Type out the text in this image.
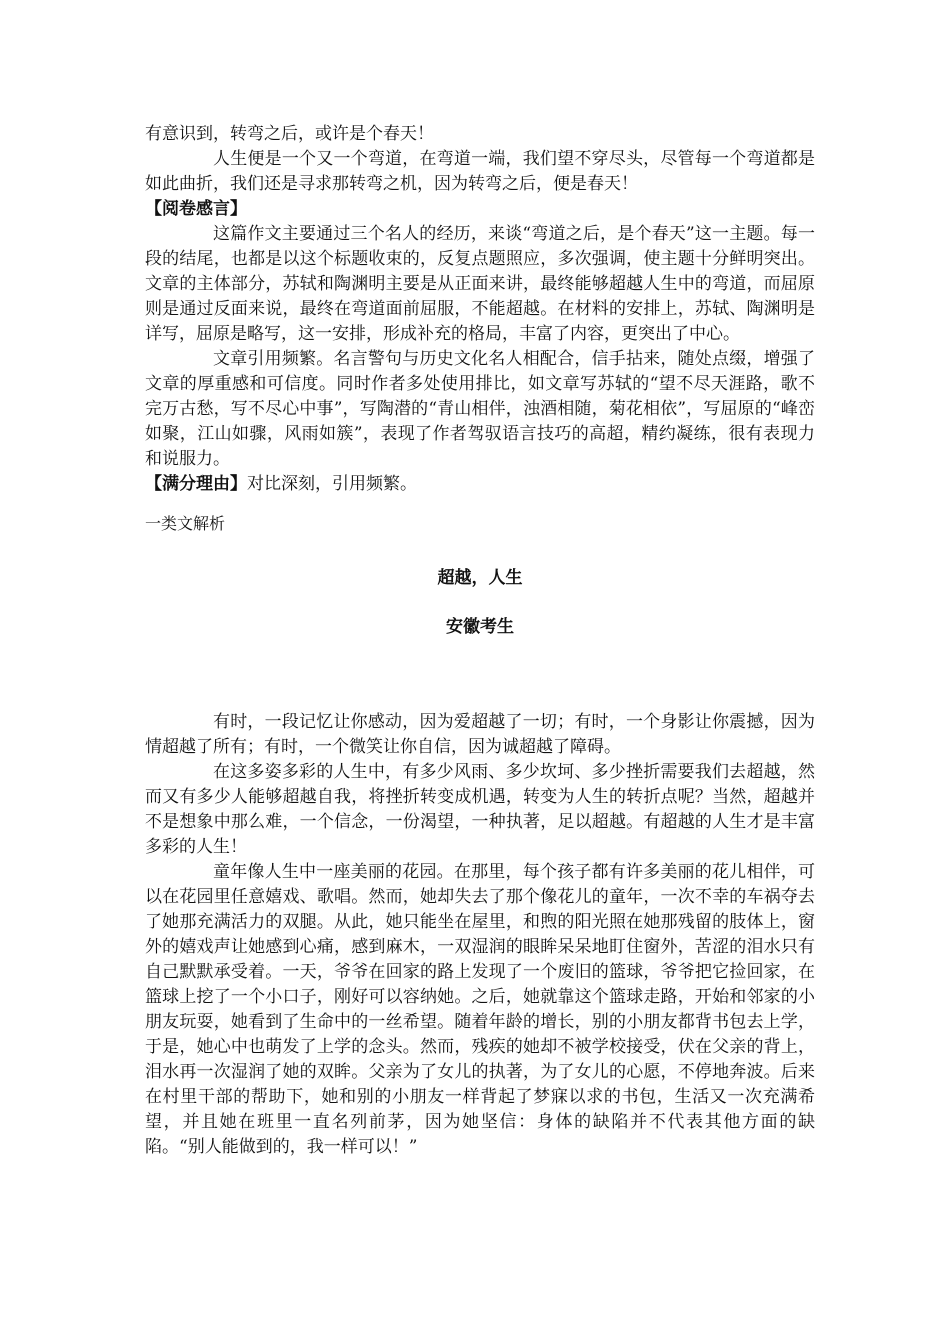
有意识到，转弯之后，或许是个春天！

人生便是一个又一个弯道，在弯道一端，我们望不穿尽头，尽管每一个弯道都是如此曲折，我们还是寻求那转弯之机，因为转弯之后，便是春天！

【阅卷感言】

这篇作文主要通过三个名人的经历，来谈“弯道之后，是个春天”这一主题。每一段的结尾，也都是以这个标题收束的，反复点题照应，多次强调，使主题十分鲜明突出。文章的主体部分，苏轼和陶渊明主要是从正面来讲，最终能够超越人生中的弯道，而屈原则是通过反面来说，最终在弯道面前屈服，不能超越。在材料的安排上，苏轼、陶渊明是详写，屈原是略写，这一安排，形成补充的格局，丰富了内容，更突出了中心。

文章引用频繁。名言警句与历史文化名人相配合，信手拈来，随处点缀，增强了文章的厚重感和可信度。同时作者多处使用排比，如文章写苏轼的“望不尽天涯路，歌不完万古愁，写不尽心中事”，写陶潜的“青山相伴，浊酒相随，菊花相依”，写屈原的“峰峦如聚，江山如骤，风雨如簇”，表现了作者驾驭语言技巧的高超，精约凝练，很有表现力和说服力。

【满分理由】对比深刻，引用频繁。

一类文解析

超越，人生

安徽考生

有时，一段记忆让你感动，因为爱超越了一切；有时，一个身影让你震撼，因为情超越了所有；有时，一个微笑让你自信，因为诚超越了障碍。

在这多姿多彩的人生中，有多少风雨、多少坎坷、多少挫折需要我们去超越，然而又有多少人能够超越自我，将挫折转变成机遇，转变为人生的转折点呢？当然，超越并不是想象中那么难，一个信念，一份渴望，一种执著，足以超越。有超越的人生才是丰富多彩的人生！

童年像人生中一座美丽的花园。在那里，每个孩子都有许多美丽的花儿相伴，可以在花园里任意嬉戏、歌唱。然而，她却失去了那个像花儿的童年，一次不幸的车祸夺去了她那充满活力的双腿。从此，她只能坐在屋里，和煦的阳光照在她那残留的肢体上，窗外的嬉戏声让她感到心痛，感到麻木，一双湿润的眼眸呆呆地盯住窗外，苦涩的泪水只有自己默默承受着。一天，爷爷在回家的路上发现了一个废旧的篮球，爷爷把它捡回家，在篮球上挖了一个小口子，刚好可以容纳她。之后，她就靠这个篮球走路，开始和邻家的小朋友玩耍，她看到了生命中的一丝希望。随着年龄的增长，别的小朋友都背书包去上学，于是，她心中也萌发了上学的念头。然而，残疾的她却不被学校接受，伏在父亲的背上，泪水再一次湿润了她的双眸。父亲为了女儿的执著，为了女儿的心愿，不停地奔波。后来在村里干部的帮助下，她和别的小朋友一样背起了梦寐以求的书包，生活又一次充满希望，并且她在班里一直名列前茅，因为她坚信：身体的缺陷并不代表其他方面的缺陷。“别人能做到的，我一样可以！”
